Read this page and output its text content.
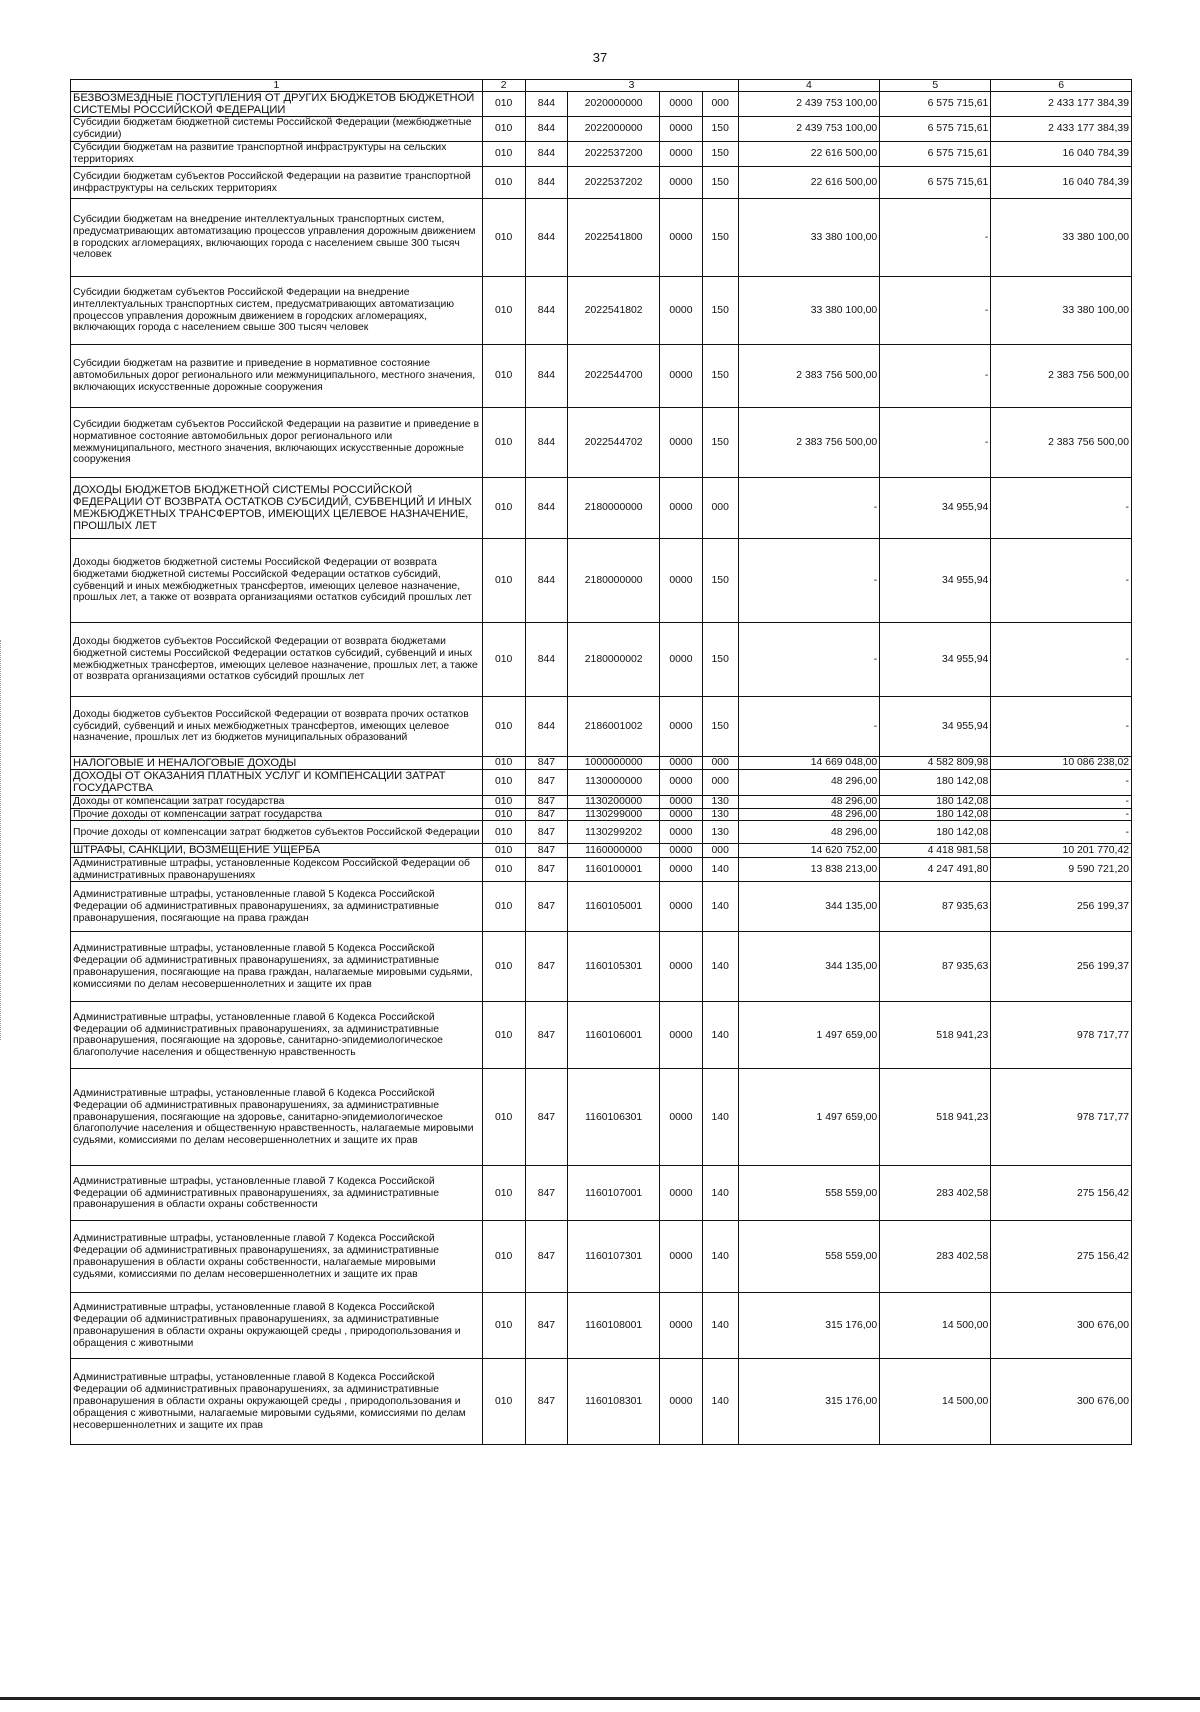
37
1	2	3				4	5	6
БЕЗВОЗМЕЗДНЫЕ ПОСТУПЛЕНИЯ ОТ ДРУГИХ БЮДЖЕТОВ БЮДЖЕТНОЙ СИСТЕМЫ РОССИЙСКОЙ ФЕДЕРАЦИИ	010	844	2020000000	0000	000	2 439 753 100,00	6 575 715,61	2 433 177 384,39
Субсидии бюджетам бюджетной системы Российской Федерации (межбюджетные субсидии)	010	844	2022000000	0000	150	2 439 753 100,00	6 575 715,61	2 433 177 384,39
Субсидии бюджетам на развитие транспортной инфраструктуры на сельских территориях	010	844	2022537200	0000	150	22 616 500,00	6 575 715,61	16 040 784,39
Субсидии бюджетам субъектов Российской Федерации на развитие транспортной инфраструктуры на сельских территориях	010	844	2022537202	0000	150	22 616 500,00	6 575 715,61	16 040 784,39
Субсидии бюджетам на внедрение интеллектуальных транспортных систем, предусматривающих автоматизацию процессов управления дорожным движением в городских агломерациях, включающих города с населением свыше 300 тысяч человек	010	844	2022541800	0000	150	33 380 100,00	-	33 380 100,00
Субсидии бюджетам субъектов Российской Федерации на внедрение интеллектуальных транспортных систем, предусматривающих автоматизацию процессов управления дорожным движением в городских агломерациях, включающих города с населением свыше 300 тысяч человек	010	844	2022541802	0000	150	33 380 100,00	-	33 380 100,00
Субсидии бюджетам на развитие и приведение в нормативное состояние автомобильных дорог регионального или межмуниципального, местного значения, включающих искусственные дорожные сооружения	010	844	2022544700	0000	150	2 383 756 500,00	-	2 383 756 500,00
Субсидии бюджетам субъектов Российской Федерации на развитие и приведение в нормативное состояние автомобильных дорог регионального или межмуниципального, местного значения, включающих искусственные дорожные сооружения	010	844	2022544702	0000	150	2 383 756 500,00	-	2 383 756 500,00
ДОХОДЫ БЮДЖЕТОВ БЮДЖЕТНОЙ СИСТЕМЫ РОССИЙСКОЙ ФЕДЕРАЦИИ ОТ ВОЗВРАТА ОСТАТКОВ СУБСИДИЙ, СУБВЕНЦИЙ И ИНЫХ МЕЖБЮДЖЕТНЫХ ТРАНСФЕРТОВ, ИМЕЮЩИХ ЦЕЛЕВОЕ НАЗНАЧЕНИЕ, ПРОШЛЫХ ЛЕТ	010	844	2180000000	0000	000	-	34 955,94	-
Доходы бюджетов бюджетной системы Российской Федерации от возврата бюджетами бюджетной системы Российской Федерации остатков субсидий, субвенций и иных межбюджетных трансфертов, имеющих целевое назначение, прошлых лет, а также от возврата организациями остатков субсидий прошлых лет	010	844	2180000000	0000	150	-	34 955,94	-
Доходы бюджетов субъектов Российской Федерации от возврата бюджетами бюджетной системы Российской Федерации остатков субсидий, субвенций и иных межбюджетных трансфертов, имеющих целевое назначение, прошлых лет, а также от возврата организациями остатков субсидий прошлых лет	010	844	2180000002	0000	150	-	34 955,94	-
Доходы бюджетов субъектов Российской Федерации от возврата прочих остатков субсидий, субвенций и иных межбюджетных трансфертов, имеющих целевое назначение, прошлых лет из бюджетов муниципальных образований	010	844	2186001002	0000	150	-	34 955,94	-
НАЛОГОВЫЕ И НЕНАЛОГОВЫЕ ДОХОДЫ	010	847	1000000000	0000	000	14 669 048,00	4 582 809,98	10 086 238,02
ДОХОДЫ ОТ ОКАЗАНИЯ ПЛАТНЫХ УСЛУГ И КОМПЕНСАЦИИ ЗАТРАТ ГОСУДАРСТВА	010	847	1130000000	0000	000	48 296,00	180 142,08	-
Доходы от компенсации затрат государства	010	847	1130200000	0000	130	48 296,00	180 142,08	-
Прочие доходы от компенсации затрат государства	010	847	1130299000	0000	130	48 296,00	180 142,08	-
Прочие доходы от компенсации затрат бюджетов субъектов Российской Федерации	010	847	1130299202	0000	130	48 296,00	180 142,08	-
ШТРАФЫ, САНКЦИИ, ВОЗМЕЩЕНИЕ УЩЕРБА	010	847	1160000000	0000	000	14 620 752,00	4 418 981,58	10 201 770,42
Административные штрафы, установленные Кодексом Российской Федерации об административных правонарушениях	010	847	1160100001	0000	140	13 838 213,00	4 247 491,80	9 590 721,20
Административные штрафы, установленные главой 5 Кодекса Российской Федерации об административных правонарушениях, за административные правонарушения, посягающие на права граждан	010	847	1160105001	0000	140	344 135,00	87 935,63	256 199,37
Административные штрафы, установленные главой 5 Кодекса Российской Федерации об административных правонарушениях, за административные правонарушения, посягающие на права граждан, налагаемые мировыми судьями, комиссиями по делам несовершеннолетних и защите их прав	010	847	1160105301	0000	140	344 135,00	87 935,63	256 199,37
Административные штрафы, установленные главой 6 Кодекса Российской Федерации об административных правонарушениях, за административные правонарушения, посягающие на здоровье, санитарно-эпидемиологическое благополучие населения и общественную нравственность	010	847	1160106001	0000	140	1 497 659,00	518 941,23	978 717,77
Административные штрафы, установленные главой 6 Кодекса Российской Федерации об административных правонарушениях, за административные правонарушения, посягающие на здоровье, санитарно-эпидемиологическое благополучие населения и общественную нравственность, налагаемые мировыми судьями, комиссиями по делам несовершеннолетних и защите их прав	010	847	1160106301	0000	140	1 497 659,00	518 941,23	978 717,77
Административные штрафы, установленные главой 7 Кодекса Российской Федерации об административных правонарушениях, за административные правонарушения в области охраны собственности	010	847	1160107001	0000	140	558 559,00	283 402,58	275 156,42
Административные штрафы, установленные главой 7 Кодекса Российской Федерации об административных правонарушениях, за административные правонарушения в области охраны собственности, налагаемые мировыми судьями, комиссиями по делам несовершеннолетних и защите их прав	010	847	1160107301	0000	140	558 559,00	283 402,58	275 156,42
Административные штрафы, установленные главой 8 Кодекса Российской Федерации об административных правонарушениях, за административные правонарушения в области охраны окружающей среды , природопользования и обращения с животными	010	847	1160108001	0000	140	315 176,00	14 500,00	300 676,00
Административные штрафы, установленные главой 8 Кодекса Российской Федерации об административных правонарушениях, за административные правонарушения в области охраны окружающей среды , природопользования и обращения с животными, налагаемые мировыми судьями, комиссиями по делам несовершеннолетних и защите их прав	010	847	1160108301	0000	140	315 176,00	14 500,00	300 676,00
